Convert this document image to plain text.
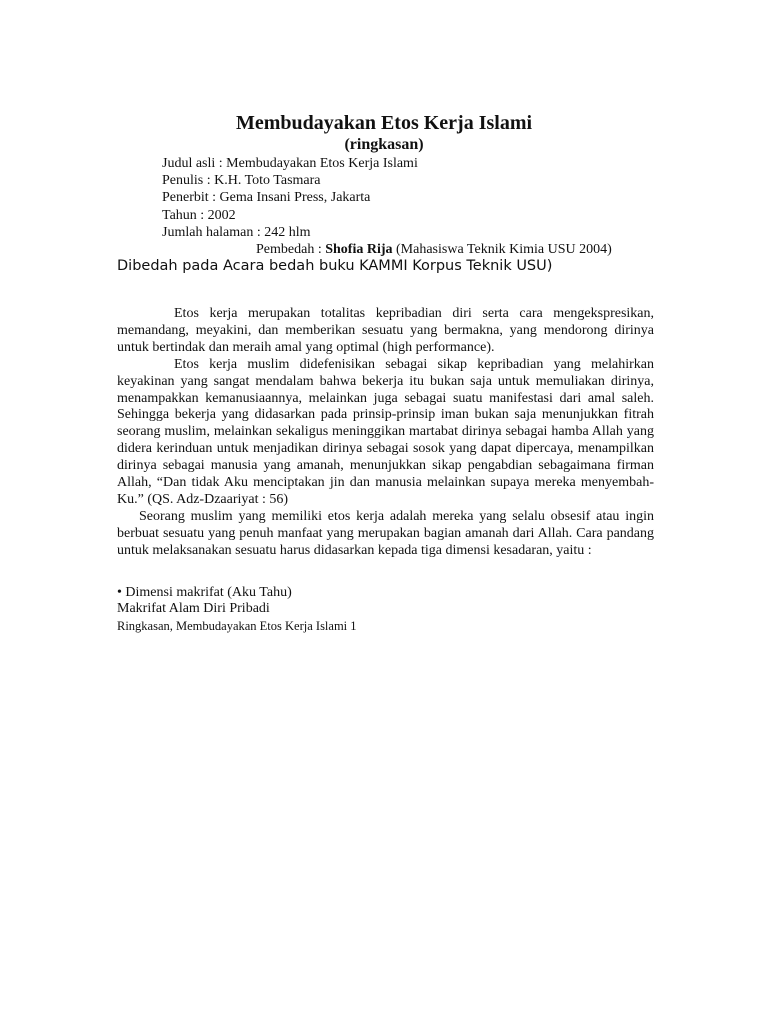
Membudayakan Etos Kerja Islami
(ringkasan)
Judul asli : Membudayakan Etos Kerja Islami
Penulis : K.H. Toto Tasmara
Penerbit : Gema Insani Press, Jakarta
Tahun : 2002
Jumlah halaman : 242 hlm
Pembedah : Shofia Rija (Mahasiswa Teknik Kimia USU 2004)
Dibedah pada Acara bedah buku KAMMI Korpus Teknik USU)

Etos kerja merupakan totalitas kepribadian diri serta cara mengekspresikan, memandang, meyakini, dan memberikan sesuatu yang bermakna, yang mendorong dirinya untuk bertindak dan meraih amal yang optimal (high performance).

Etos kerja muslim didefenisikan sebagai sikap kepribadian yang melahirkan keyakinan yang sangat mendalam bahwa bekerja itu bukan saja untuk memuliakan dirinya, menampakkan kemanusiaannya, melainkan juga sebagai suatu manifestasi dari amal saleh. Sehingga bekerja yang didasarkan pada prinsip-prinsip iman bukan saja menunjukkan fitrah seorang muslim, melainkan sekaligus meninggikan martabat dirinya sebagai hamba Allah yang didera kerinduan untuk menjadikan dirinya sebagai sosok yang dapat dipercaya, menampilkan dirinya sebagai manusia yang amanah, menunjukkan sikap pengabdian sebagaimana firman Allah, “Dan tidak Aku menciptakan jin dan manusia melainkan supaya mereka menyembah-Ku.” (QS. Adz-Dzaariyat : 56)

Seorang muslim yang memiliki etos kerja adalah mereka yang selalu obsesif atau ingin berbuat sesuatu yang penuh manfaat yang merupakan bagian amanah dari Allah. Cara pandang untuk melaksanakan sesuatu harus didasarkan kepada tiga dimensi kesadaran, yaitu :

• Dimensi makrifat (Aku Tahu)
Makrifat Alam Diri Pribadi
Ringkasan, Membudayakan Etos Kerja Islami 1
